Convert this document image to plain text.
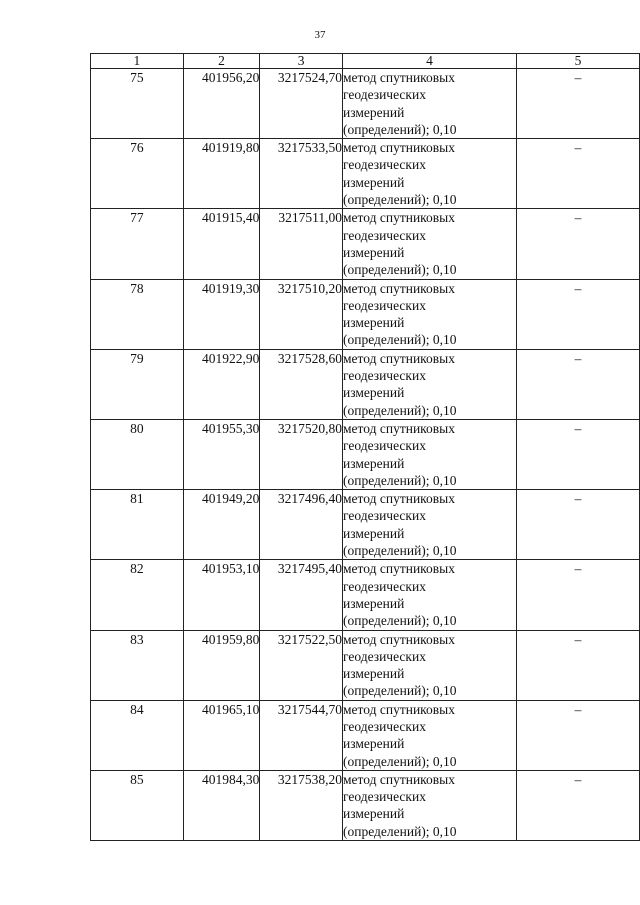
37
1	2	3	4	5
75	401956,20	3217524,70	метод спутниковых
геодезических
измерений
(определений); 0,10	–
76	401919,80	3217533,50	метод спутниковых
геодезических
измерений
(определений); 0,10	–
77	401915,40	3217511,00	метод спутниковых
геодезических
измерений
(определений); 0,10	–
78	401919,30	3217510,20	метод спутниковых
геодезических
измерений
(определений); 0,10	–
79	401922,90	3217528,60	метод спутниковых
геодезических
измерений
(определений); 0,10	–
80	401955,30	3217520,80	метод спутниковых
геодезических
измерений
(определений); 0,10	–
81	401949,20	3217496,40	метод спутниковых
геодезических
измерений
(определений); 0,10	–
82	401953,10	3217495,40	метод спутниковых
геодезических
измерений
(определений); 0,10	–
83	401959,80	3217522,50	метод спутниковых
геодезических
измерений
(определений); 0,10	–
84	401965,10	3217544,70	метод спутниковых
геодезических
измерений
(определений); 0,10	–
85	401984,30	3217538,20	метод спутниковых
геодезических
измерений
(определений); 0,10	–
